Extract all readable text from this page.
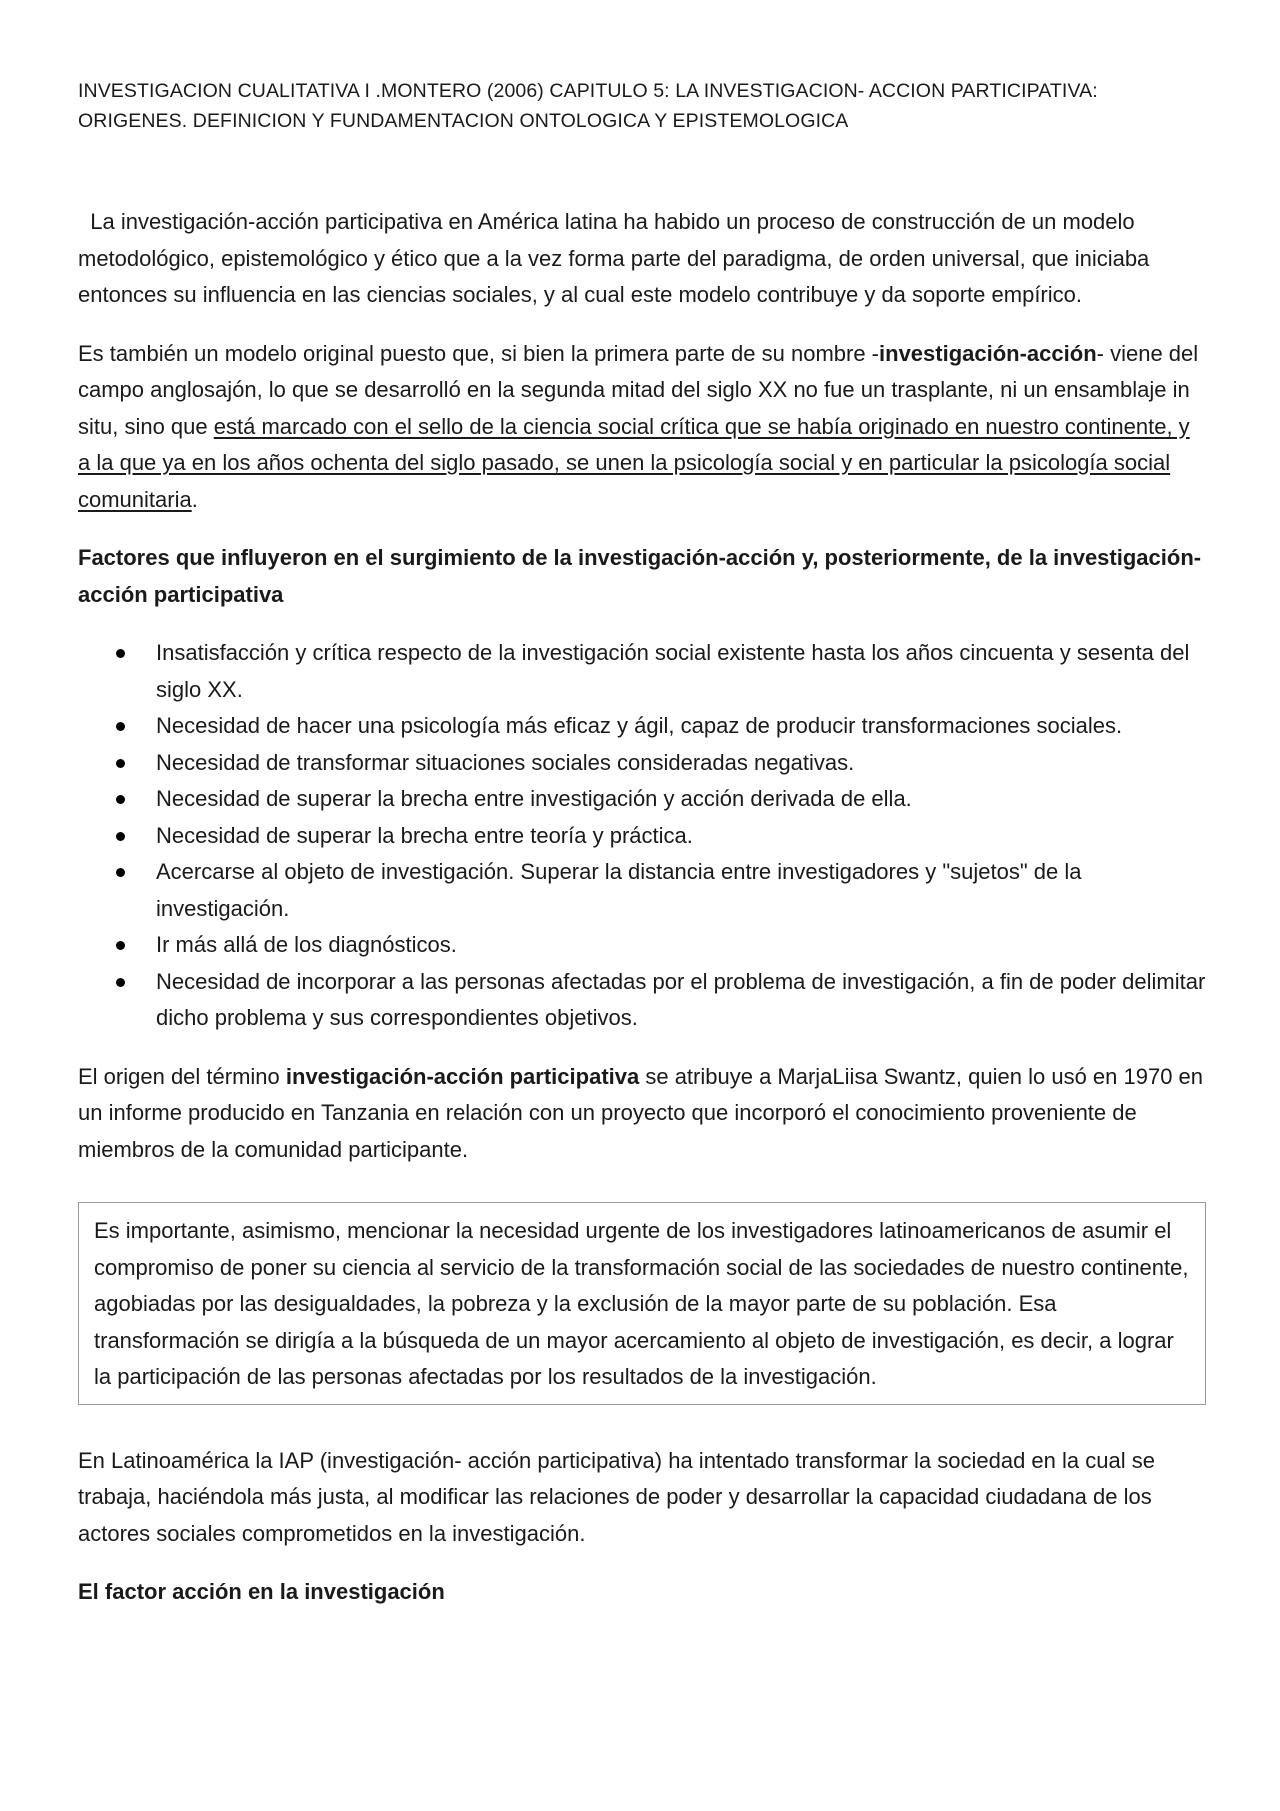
INVESTIGACION CUALITATIVA I .MONTERO (2006) CAPITULO 5: LA INVESTIGACION- ACCION PARTICIPATIVA:
ORIGENES. DEFINICION Y FUNDAMENTACION ONTOLOGICA Y EPISTEMOLOGICA

La investigación-acción participativa en América latina ha habido un proceso de construcción de un modelo metodológico, epistemológico y ético que a la vez forma parte del paradigma, de orden universal, que iniciaba entonces su influencia en las ciencias sociales, y al cual este modelo contribuye y da soporte empírico.

Es también un modelo original puesto que, si bien la primera parte de su nombre -investigación-acción- viene del campo anglosajón, lo que se desarrolló en la segunda mitad del siglo XX no fue un trasplante, ni un ensamblaje in situ, sino que está marcado con el sello de la ciencia social crítica que se había originado en nuestro continente, y a la que ya en los años ochenta del siglo pasado, se unen la psicología social y en particular la psicología social comunitaria.

Factores que influyeron en el surgimiento de la investigación-acción y, posteriormente, de la investigación-acción participativa

Insatisfacción y crítica respecto de la investigación social existente hasta los años cincuenta y sesenta del siglo XX.
Necesidad de hacer una psicología más eficaz y ágil, capaz de producir transformaciones sociales.
Necesidad de transformar situaciones sociales consideradas negativas.
Necesidad de superar la brecha entre investigación y acción derivada de ella.
Necesidad de superar la brecha entre teoría y práctica.
Acercarse al objeto de investigación. Superar la distancia entre investigadores y "sujetos" de la investigación.
Ir más allá de los diagnósticos.
Necesidad de incorporar a las personas afectadas por el problema de investigación, a fin de poder delimitar dicho problema y sus correspondientes objetivos.

El origen del término investigación-acción participativa se atribuye a MarjaLiisa Swantz, quien lo usó en 1970 en un informe producido en Tanzania en relación con un proyecto que incorporó el conocimiento proveniente de miembros de la comunidad participante.

Es importante, asimismo, mencionar la necesidad urgente de los investigadores latinoamericanos de asumir el compromiso de poner su ciencia al servicio de la transformación social de las sociedades de nuestro continente, agobiadas por las desigualdades, la pobreza y la exclusión de la mayor parte de su población. Esa transformación se dirigía a la búsqueda de un mayor acercamiento al objeto de investigación, es decir, a lograr la participación de las personas afectadas por los resultados de la investigación.

En Latinoamérica la IAP (investigación- acción participativa) ha intentado transformar la sociedad en la cual se trabaja, haciéndola más justa, al modificar las relaciones de poder y desarrollar la capacidad ciudadana de los actores sociales comprometidos en la investigación.

El factor acción en la investigación
